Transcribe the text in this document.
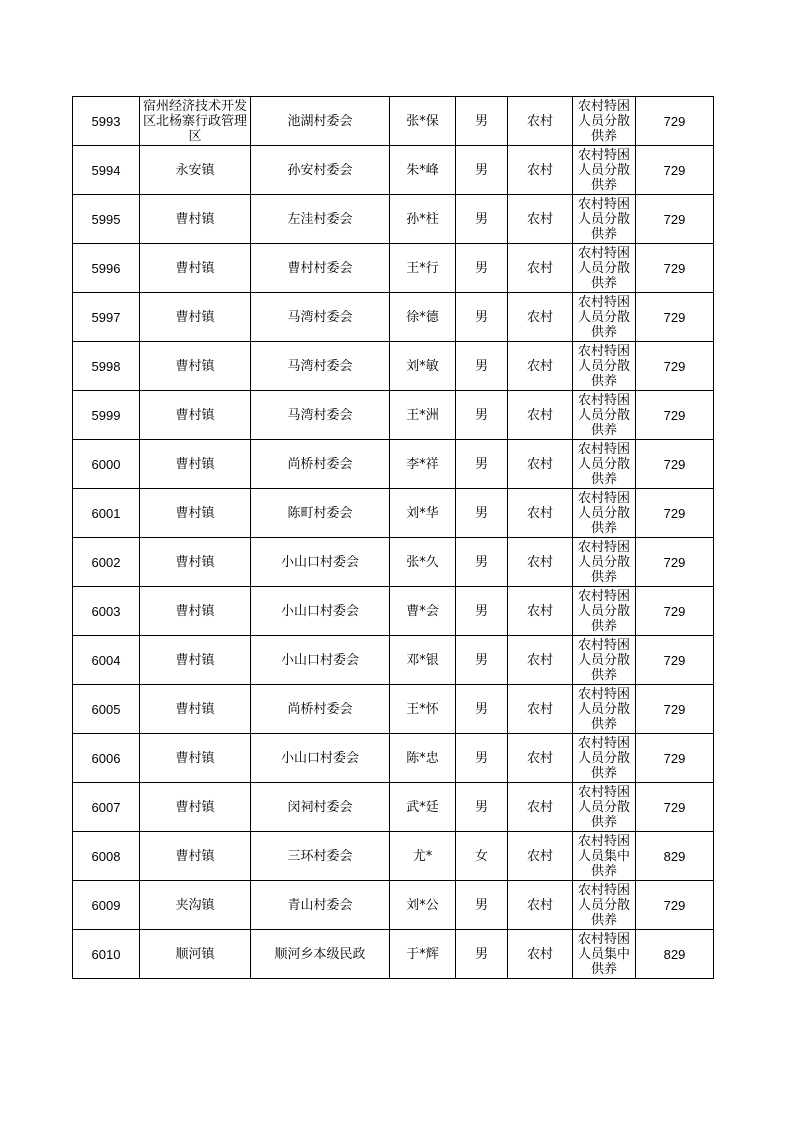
5993	宿州经济技术开发区北杨寨行政管理区	池湖村委会	张*保	男	农村	农村特困人员分散供养	729

5994	永安镇	孙安村委会	朱*峰	男	农村	农村特困人员分散供养	729

5995	曹村镇	左洼村委会	孙*柱	男	农村	农村特困人员分散供养	729

5996	曹村镇	曹村村委会	王*行	男	农村	农村特困人员分散供养	729

5997	曹村镇	马湾村委会	徐*德	男	农村	农村特困人员分散供养	729

5998	曹村镇	马湾村委会	刘*敏	男	农村	农村特困人员分散供养	729

5999	曹村镇	马湾村委会	王*洲	男	农村	农村特困人员分散供养	729

6000	曹村镇	尚桥村委会	李*祥	男	农村	农村特困人员分散供养	729

6001	曹村镇	陈町村委会	刘*华	男	农村	农村特困人员分散供养	729

6002	曹村镇	小山口村委会	张*久	男	农村	农村特困人员分散供养	729

6003	曹村镇	小山口村委会	曹*会	男	农村	农村特困人员分散供养	729

6004	曹村镇	小山口村委会	邓*银	男	农村	农村特困人员分散供养	729

6005	曹村镇	尚桥村委会	王*怀	男	农村	农村特困人员分散供养	729

6006	曹村镇	小山口村委会	陈*忠	男	农村	农村特困人员分散供养	729

6007	曹村镇	闵祠村委会	武*廷	男	农村	农村特困人员分散供养	729

6008	曹村镇	三环村委会	尤*	女	农村	农村特困人员集中供养	829

6009	夹沟镇	青山村委会	刘*公	男	农村	农村特困人员分散供养	729

6010	顺河镇	顺河乡本级民政	于*辉	男	农村	农村特困人员集中供养	829
